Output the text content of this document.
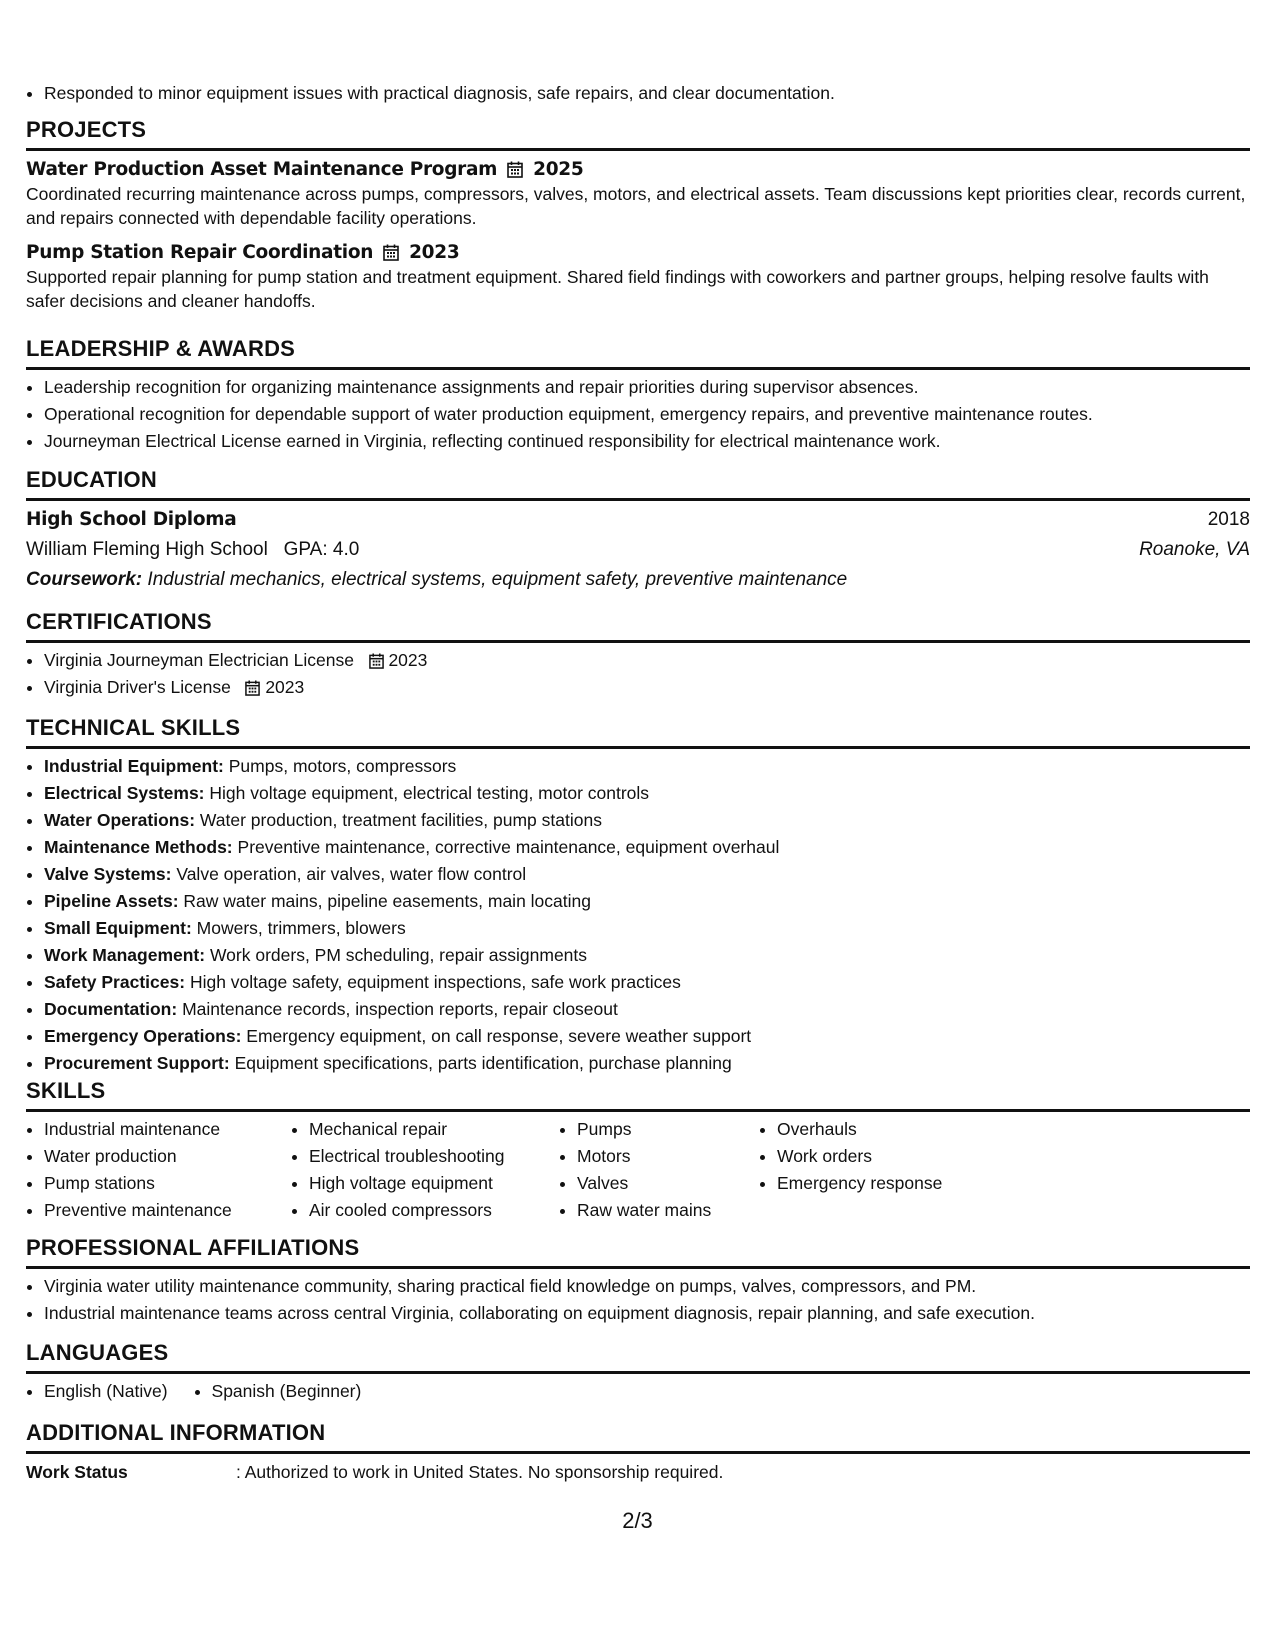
• Responded to minor equipment issues with practical diagnosis, safe repairs, and clear documentation.
PROJECTS
Water Production Asset Maintenance Program 2025

Coordinated recurring maintenance across pumps, compressors, valves, motors, and electrical assets. Team discussions kept priorities clear, records current, and repairs connected with dependable facility operations.

Pump Station Repair Coordination 2023

Supported repair planning for pump station and treatment equipment. Shared field findings with coworkers and partner groups, helping resolve faults with safer decisions and cleaner handoffs.

LEADERSHIP & AWARDS
• Leadership recognition for organizing maintenance assignments and repair priorities during supervisor absences.
• Operational recognition for dependable support of water production equipment, emergency repairs, and preventive maintenance routes.
• Journeyman Electrical License earned in Virginia, reflecting continued responsibility for electrical maintenance work.
EDUCATION
High School Diploma	2018
William Fleming High School GPA: 4.0	Roanoke, VA
Coursework: Industrial mechanics, electrical systems, equipment safety, preventive maintenance
CERTIFICATIONS
• Virginia Journeyman Electrician License 2023
• Virginia Driver's License 2023
TECHNICAL SKILLS
• Industrial Equipment: Pumps, motors, compressors
• Electrical Systems: High voltage equipment, electrical testing, motor controls
• Water Operations: Water production, treatment facilities, pump stations
• Maintenance Methods: Preventive maintenance, corrective maintenance, equipment overhaul
• Valve Systems: Valve operation, air valves, water flow control
• Pipeline Assets: Raw water mains, pipeline easements, main locating
• Small Equipment: Mowers, trimmers, blowers
• Work Management: Work orders, PM scheduling, repair assignments
• Safety Practices: High voltage safety, equipment inspections, safe work practices
• Documentation: Maintenance records, inspection reports, repair closeout
• Emergency Operations: Emergency equipment, on call response, severe weather support
• Procurement Support: Equipment specifications, parts identification, purchase planning
SKILLS
• Industrial maintenance
• Water production
• Pump stations
• Preventive maintenance
• Mechanical repair
• Electrical troubleshooting
• High voltage equipment
• Air cooled compressors
• Pumps
• Motors
• Valves
• Raw water mains
• Overhauls
• Work orders
• Emergency response
PROFESSIONAL AFFILIATIONS
• Virginia water utility maintenance community, sharing practical field knowledge on pumps, valves, compressors, and PM.
• Industrial maintenance teams across central Virginia, collaborating on equipment diagnosis, repair planning, and safe execution.
LANGUAGES
• English (Native)
•	Spanish (Beginner)
ADDITIONAL INFORMATION
Work Status	: Authorized to work in United States. No sponsorship required.
2/3
